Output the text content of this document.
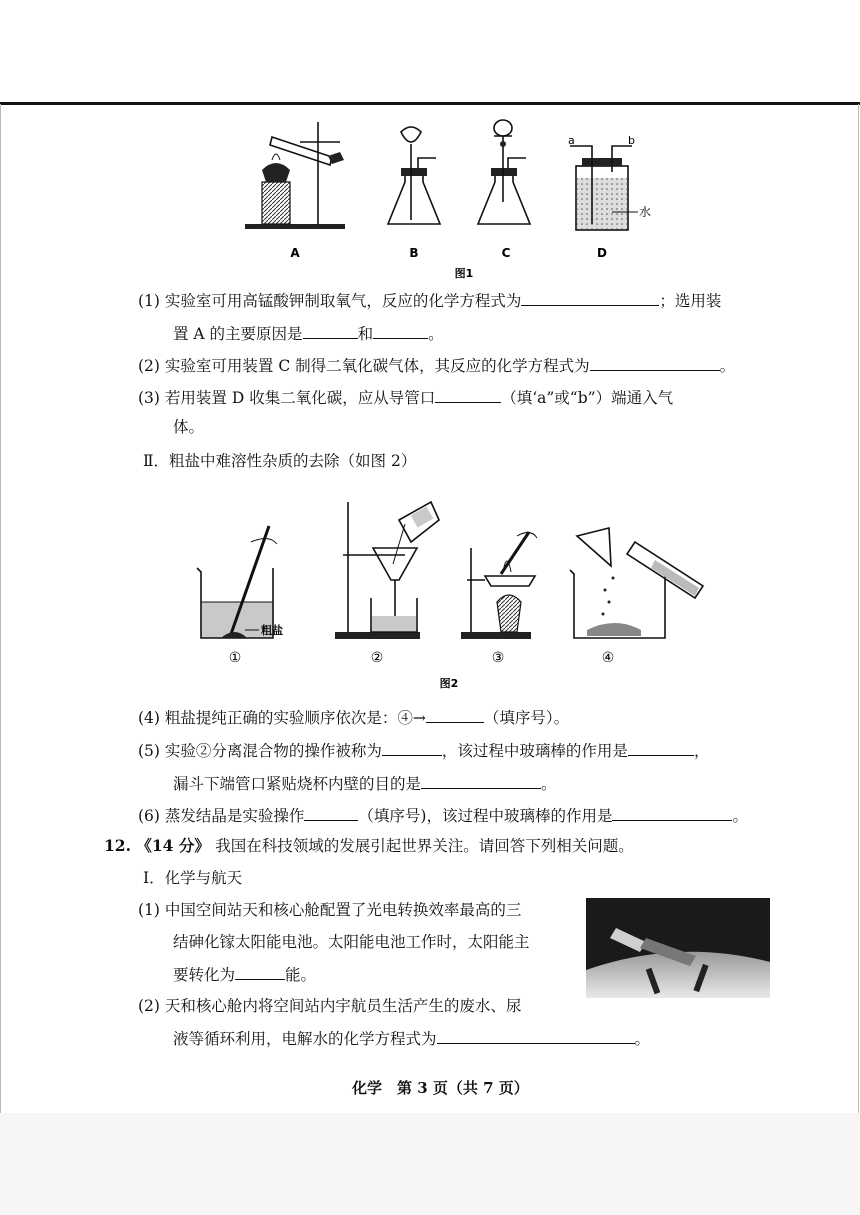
A	B	C	D
a	b
水
图1
(1) 实验室可用高锰酸钾制取氧气，反应的化学方程式为	；选用装
置 A 的主要原因是	和	。
(2) 实验室可用装置 C 制得二氧化碳气体，其反应的化学方程式为	。
(3) 若用装置 D 收集二氧化碳，应从导管口	（填‘a”或“b”）端通入气
体。
Ⅱ．粗盐中难溶性杂质的去除（如图 2）
①	②	③	④
粗盐
图2
(4) 粗盐提纯正确的实验顺序依次是：④→	（填序号）。
(5) 实验②分离混合物的操作被称为	，该过程中玻璃棒的作用是	，
漏斗下端管口紧贴烧杯内壁的目的是	。
(6) 蒸发结晶是实验操作	（填序号)，该过程中玻璃棒的作用是	。
12. 《14 分》 我国在科技领域的发展引起世界关注。请回答下列相关问题。
Ⅰ．化学与航天
(1) 中国空间站天和核心舱配置了光电转换效率最高的三
结砷化镓太阳能电池。太阳能电池工作时，太阳能主
要转化为	能。
(2) 天和核心舱内将空间站内宇航员生活产生的废水、尿
液等循环利用，电解水的化学方程式为	。
化学　第 3 页（共 7 页）
